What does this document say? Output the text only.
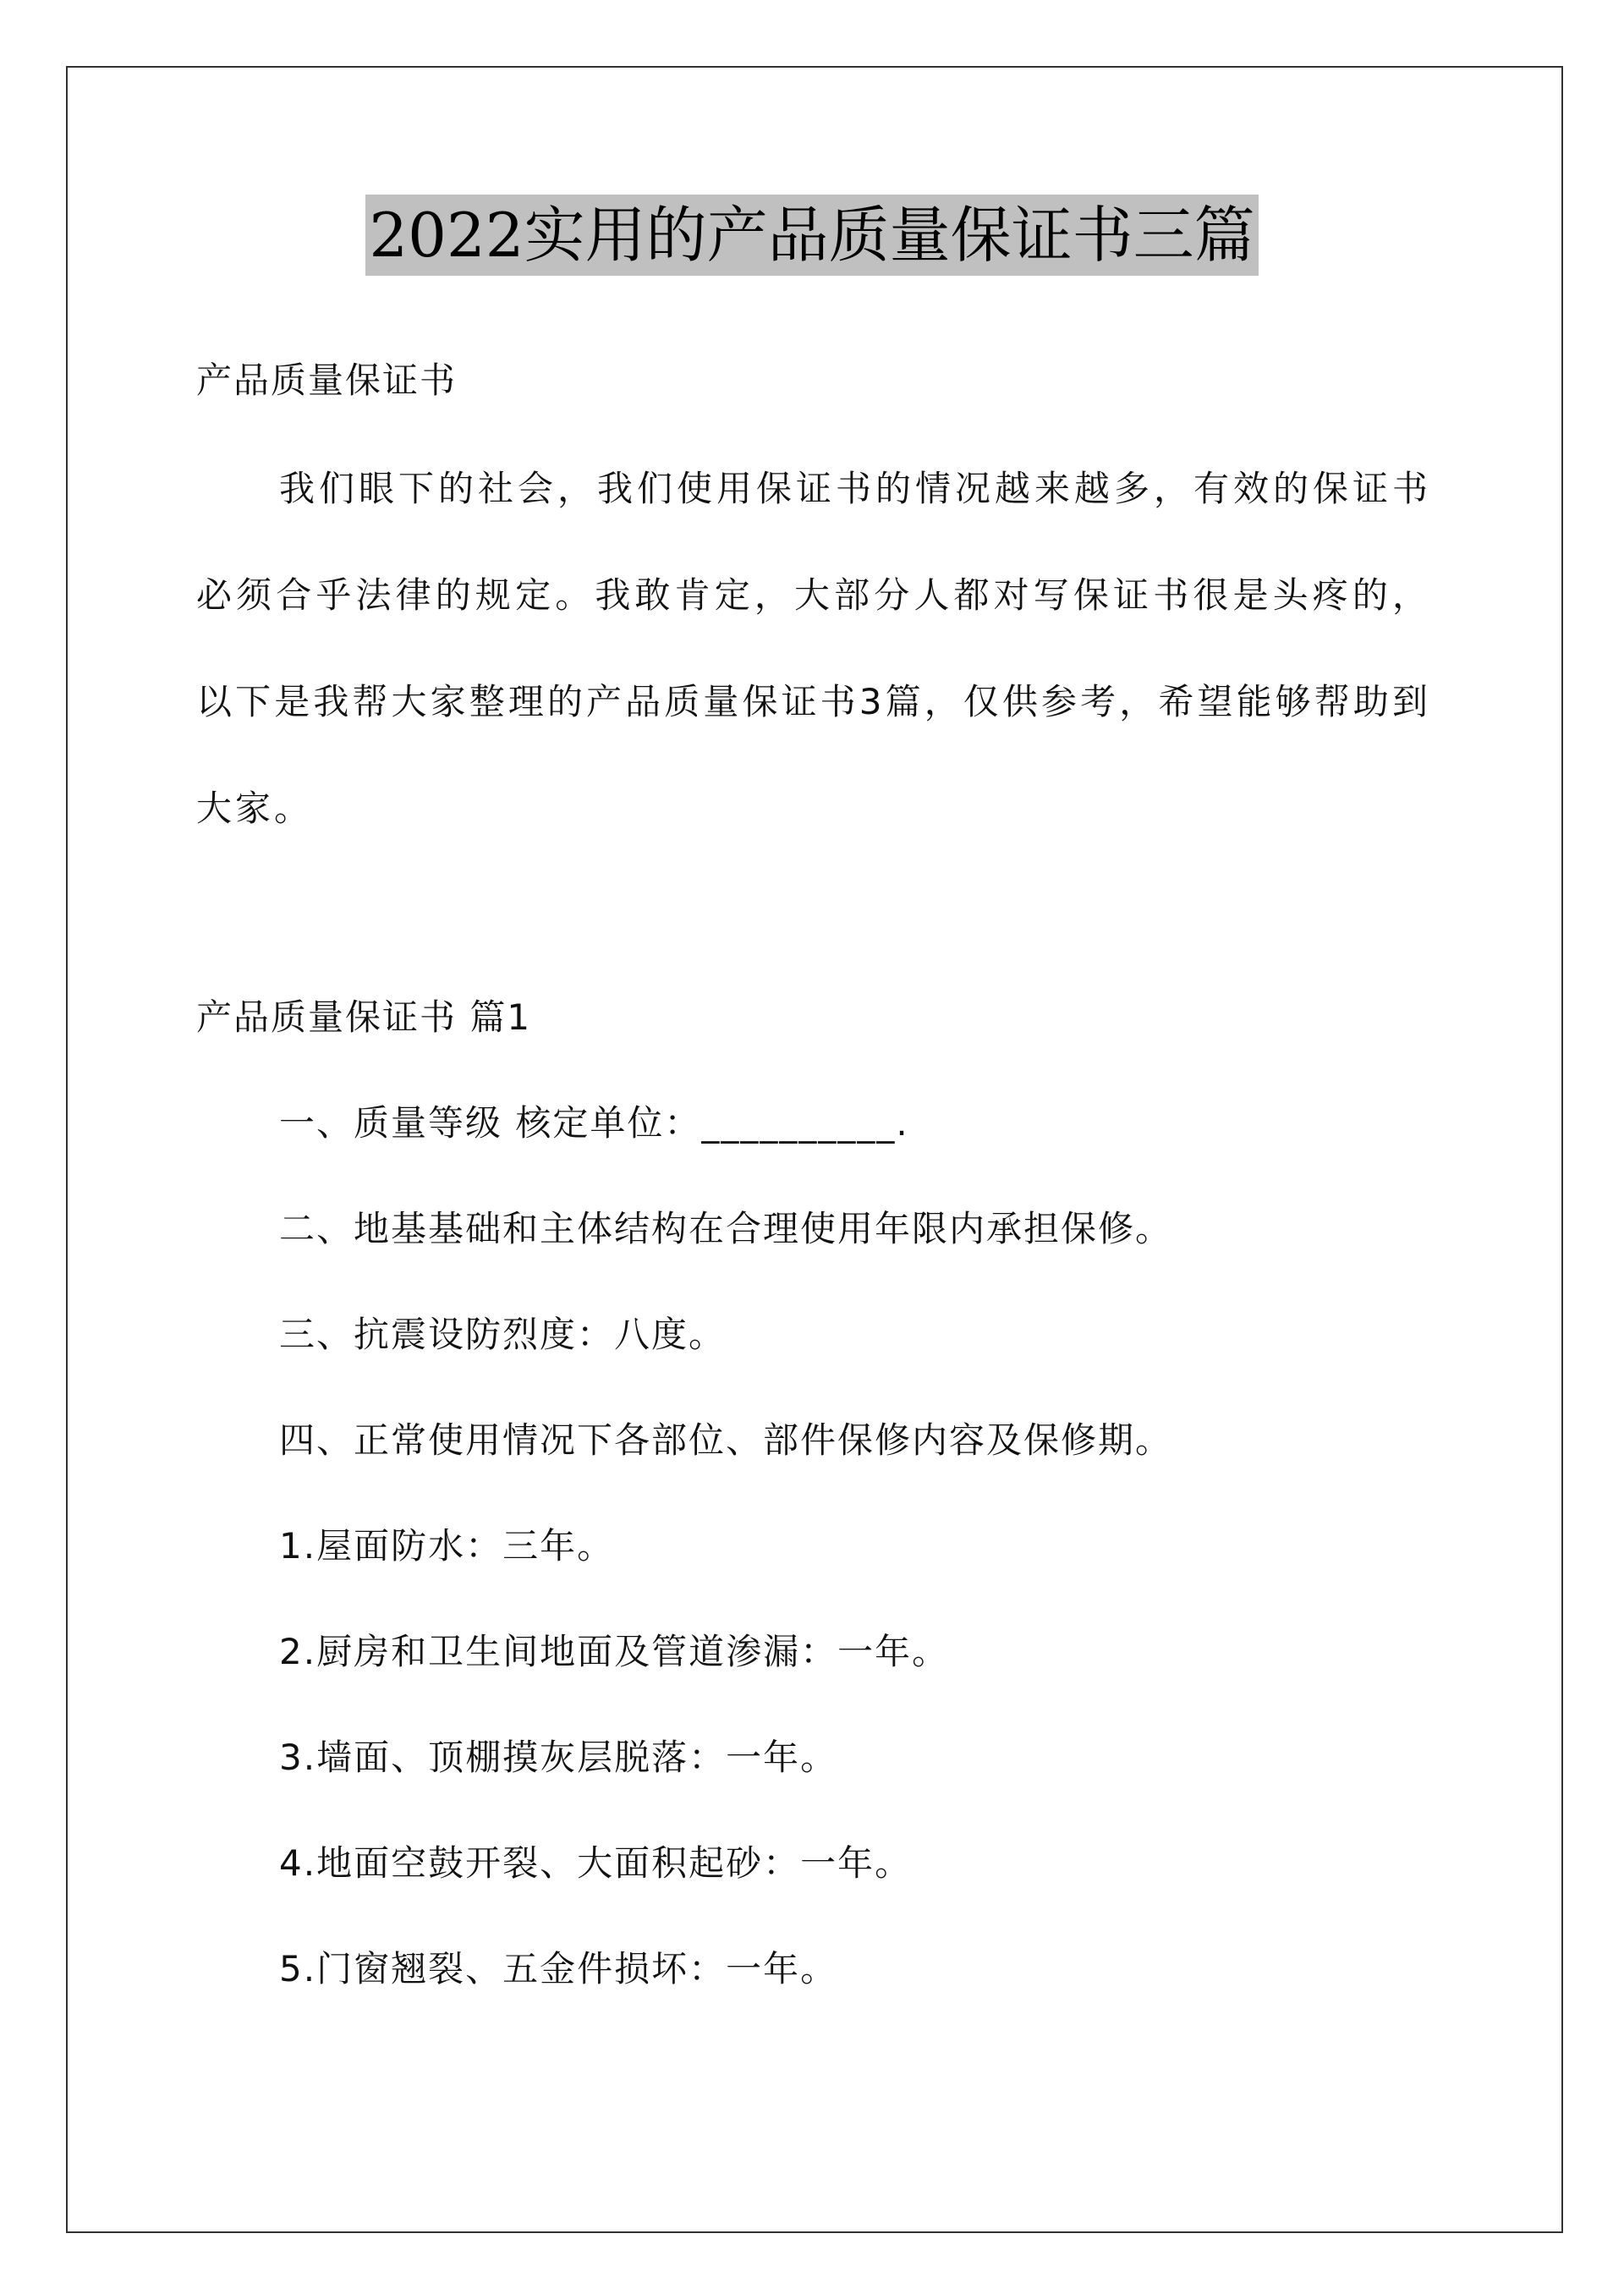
2022实用的产品质量保证书三篇
产品质量保证书
我们眼下的社会，我们使用保证书的情况越来越多，有效的保证书必须合乎法律的规定。我敢肯定，大部分人都对写保证书很是头疼的，以下是我帮大家整理的产品质量保证书3篇，仅供参考，希望能够帮助到大家。
产品质量保证书 篇1
一、质量等级 核定单位：__________.
二、地基基础和主体结构在合理使用年限内承担保修。
三、抗震设防烈度：八度。
四、正常使用情况下各部位、部件保修内容及保修期。
1.屋面防水：三年。
2.厨房和卫生间地面及管道渗漏：一年。
3.墙面、顶棚摸灰层脱落：一年。
4.地面空鼓开裂、大面积起砂：一年。
5.门窗翘裂、五金件损坏：一年。
